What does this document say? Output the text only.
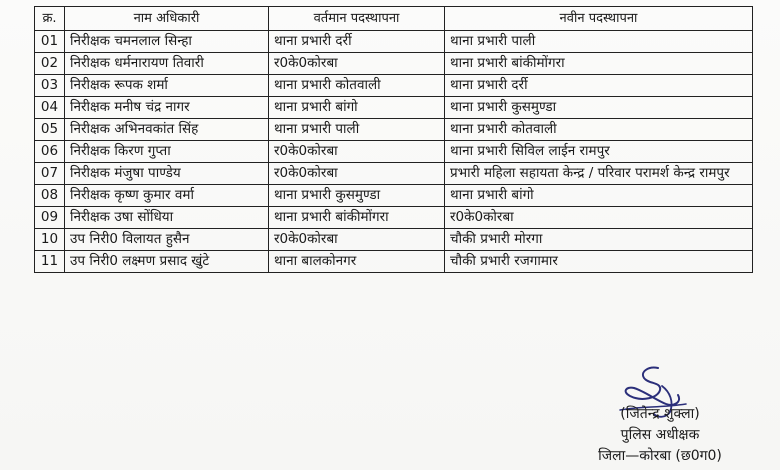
क्र.	नाम अधिकारी	वर्तमान पदस्थापना	नवीन पदस्थापना
01	निरीक्षक चमनलाल सिन्हा	थाना प्रभारी दर्री	थाना प्रभारी पाली
02	निरीक्षक धर्मनारायण तिवारी	र0के0कोरबा	थाना प्रभारी बांकीमोंगरा
03	निरीक्षक रूपक शर्मा	थाना प्रभारी कोतवाली	थाना प्रभारी दर्री
04	निरीक्षक मनीष चंद्र नागर	थाना प्रभारी बांगो	थाना प्रभारी कुसमुण्डा
05	निरीक्षक अभिनवकांत सिंह	थाना प्रभारी पाली	थाना प्रभारी कोतवाली
06	निरीक्षक किरण गुप्ता	र0के0कोरबा	थाना प्रभारी सिविल लाईन रामपुर
07	निरीक्षक मंजुषा पाण्डेय	र0के0कोरबा	प्रभारी महिला सहायता केन्द्र / परिवार परामर्श केन्द्र रामपुर
08	निरीक्षक कृष्ण कुमार वर्मा	थाना प्रभारी कुसमुण्डा	थाना प्रभारी बांगो
09	निरीक्षक उषा सोंधिया	थाना प्रभारी बांकीमोंगरा	र0के0कोरबा
10	उप निरी0 विलायत हुसैन	र0के0कोरबा	चौकी प्रभारी मोरगा
11	उप निरी0 लक्ष्मण प्रसाद खुंटे	थाना बालकोनगर	चौकी प्रभारी रजगामार
(जितेन्द्र शुक्ला)
पुलिस अधीक्षक
जिला—कोरबा (छ0ग0)
